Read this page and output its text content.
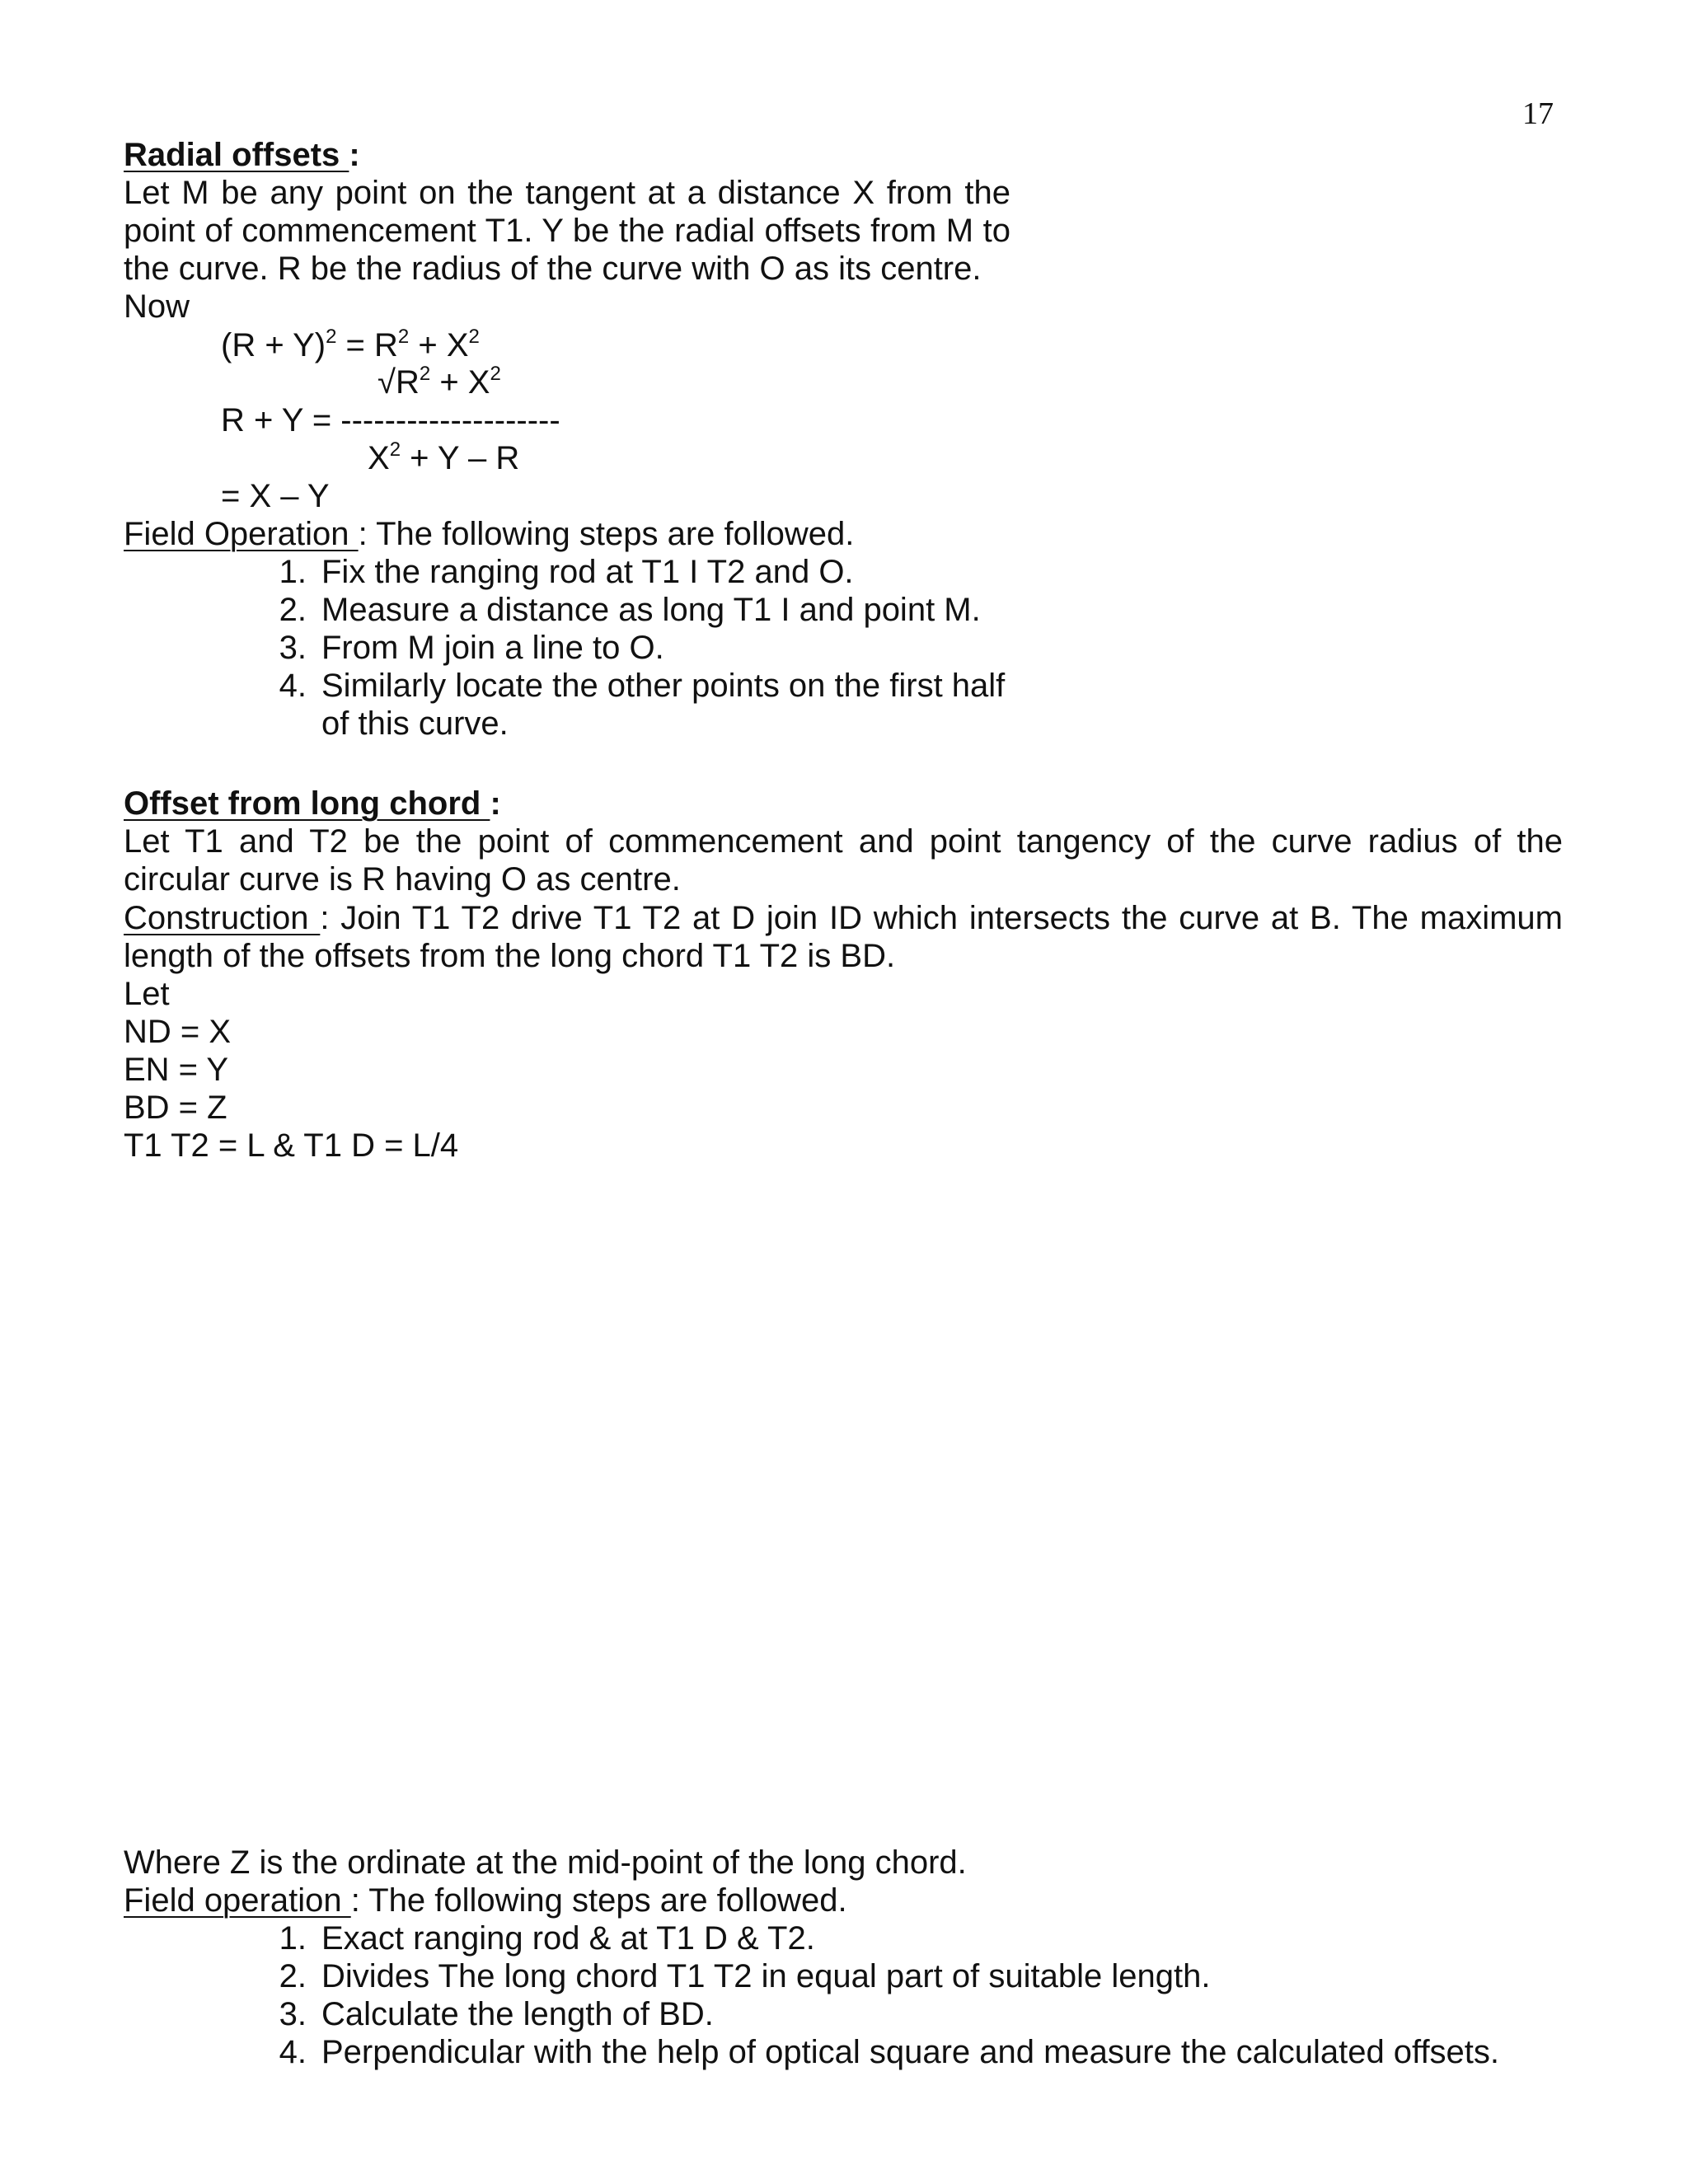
17
Radial offsets :
Let M be any point on the tangent at a distance X from the
point of commencement T1. Y be the radial offsets from M to
the curve. R be the radius of the curve with O as its centre.
Now
$(R + Y)^2 = R^2 + X^2$
$√R^2 + X^2$
R + Y = --------------------
$X^2 + Y - R$
= X – Y
Field Operation : The following steps are followed.
1. Fix the ranging rod at T1 I T2 and O.
2. Measure a distance as long T1 I and point M.
3. From M join a line to O.
4. Similarly locate the other points on the first half
of this curve.
Offset from long chord :
Let T1 and T2 be the point of commencement and point tangency of the curve radius of the
circular curve is R having O as centre.
Construction : Join T1 T2 drive T1 T2 at D join ID which intersects the curve at B. The maximum
length of the offsets from the long chord T1 T2 is BD.
Let
ND = X
EN = Y
BD = Z
T1 T2 = L & T1 D = L/4
Where Z is the ordinate at the mid-point of the long chord.
Field operation : The following steps are followed.
1. Exact ranging rod & at T1 D & T2.
2. Divides The long chord T1 T2 in equal part of suitable length.
3. Calculate the length of BD.
4. Perpendicular with the help of optical square and measure the calculated offsets.
